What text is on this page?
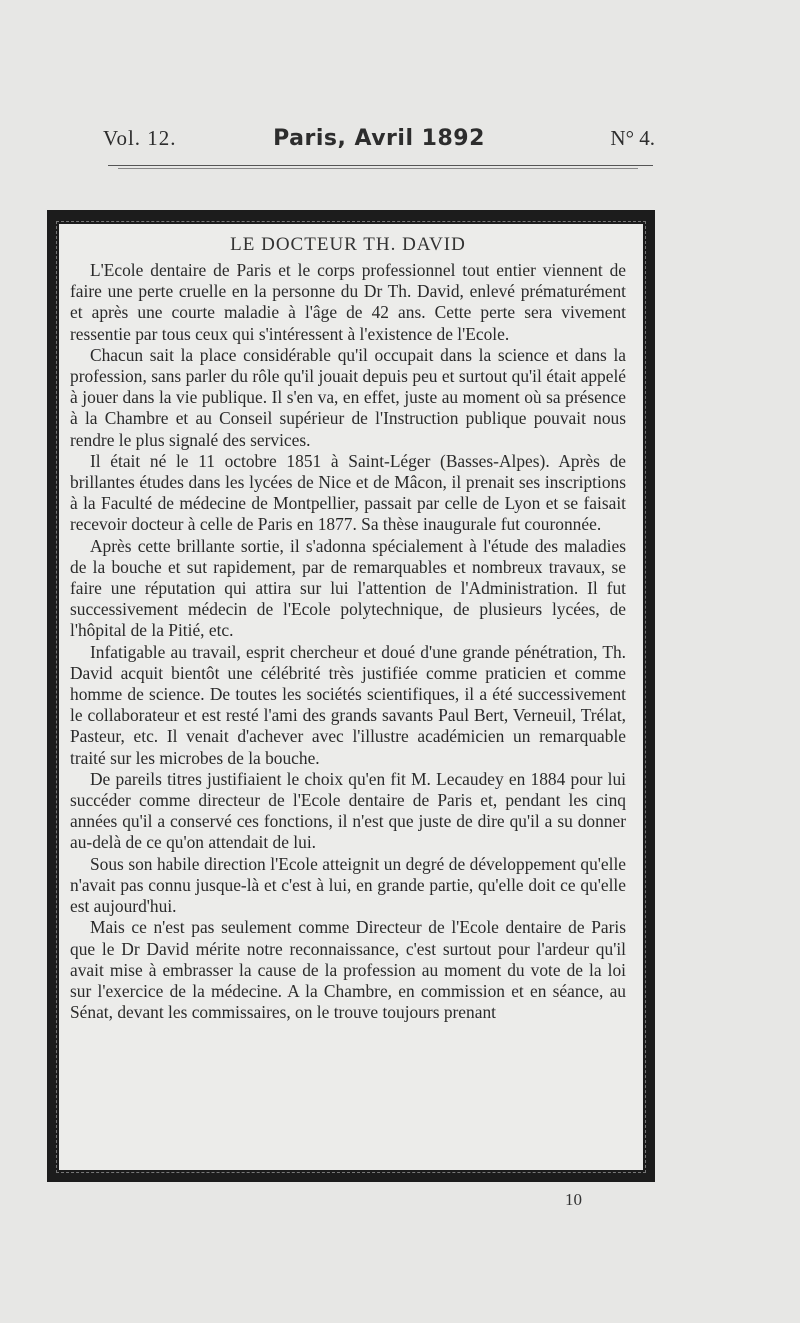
Vol. 12.	Paris, Avril 1892	N° 4.
LE DOCTEUR TH. DAVID

L'Ecole dentaire de Paris et le corps professionnel tout entier viennent de faire une perte cruelle en la personne du Dr Th. David, enlevé prématurément et après une courte maladie à l'âge de 42 ans. Cette perte sera vivement ressentie par tous ceux qui s'intéressent à l'existence de l'Ecole.

Chacun sait la place considérable qu'il occupait dans la science et dans la profession, sans parler du rôle qu'il jouait depuis peu et surtout qu'il était appelé à jouer dans la vie publique. Il s'en va, en effet, juste au moment où sa présence à la Chambre et au Conseil supérieur de l'Instruction publique pouvait nous rendre le plus signalé des services.

Il était né le 11 octobre 1851 à Saint-Léger (Basses-Alpes). Après de brillantes études dans les lycées de Nice et de Mâcon, il prenait ses inscriptions à la Faculté de médecine de Montpellier, passait par celle de Lyon et se faisait recevoir docteur à celle de Paris en 1877. Sa thèse inaugurale fut couronnée.

Après cette brillante sortie, il s'adonna spécialement à l'étude des maladies de la bouche et sut rapidement, par de remarquables et nombreux travaux, se faire une réputation qui attira sur lui l'attention de l'Administration. Il fut successivement médecin de l'Ecole polytechnique, de plusieurs lycées, de l'hôpital de la Pitié, etc.

Infatigable au travail, esprit chercheur et doué d'une grande pénétration, Th. David acquit bientôt une célébrité très justifiée comme praticien et comme homme de science. De toutes les sociétés scientifiques, il a été successivement le collaborateur et est resté l'ami des grands savants Paul Bert, Verneuil, Trélat, Pasteur, etc. Il venait d'achever avec l'illustre académicien un remarquable traité sur les microbes de la bouche.

De pareils titres justifiaient le choix qu'en fit M. Lecaudey en 1884 pour lui succéder comme directeur de l'Ecole dentaire de Paris et, pendant les cinq années qu'il a conservé ces fonctions, il n'est que juste de dire qu'il a su donner au-delà de ce qu'on attendait de lui.

Sous son habile direction l'Ecole atteignit un degré de développement qu'elle n'avait pas connu jusque-là et c'est à lui, en grande partie, qu'elle doit ce qu'elle est aujourd'hui.

Mais ce n'est pas seulement comme Directeur de l'Ecole dentaire de Paris que le Dr David mérite notre reconnaissance, c'est surtout pour l'ardeur qu'il avait mise à embrasser la cause de la profession au moment du vote de la loi sur l'exercice de la médecine. A la Chambre, en commission et en séance, au Sénat, devant les commissaires, on le trouve toujours prenant

10
